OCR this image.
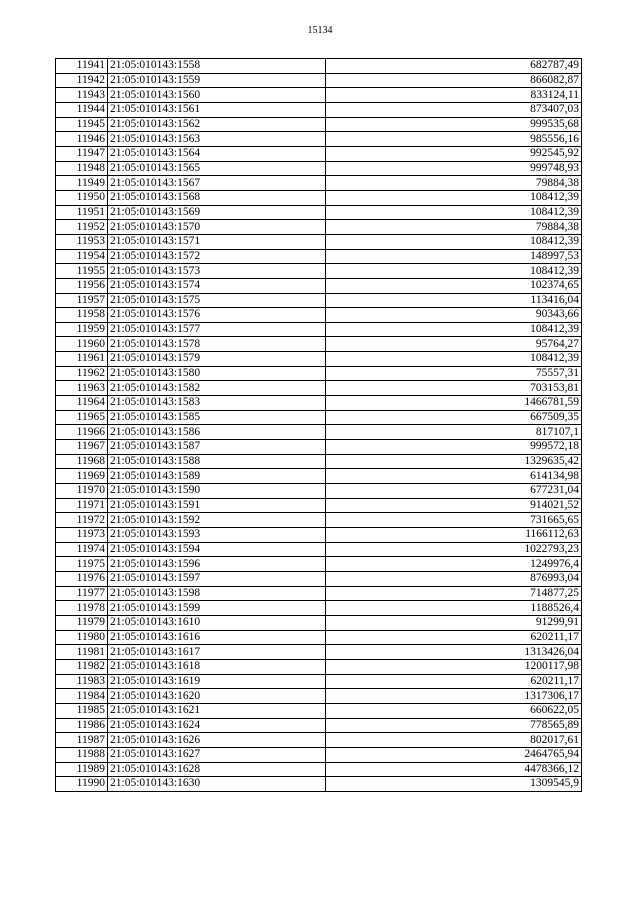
15134
11941	21:05:010143:1558	682787,49
11942	21:05:010143:1559	866082,87
11943	21:05:010143:1560	833124,11
11944	21:05:010143:1561	873407,03
11945	21:05:010143:1562	999535,68
11946	21:05:010143:1563	985556,16
11947	21:05:010143:1564	992545,92
11948	21:05:010143:1565	999748,93
11949	21:05:010143:1567	79884,38
11950	21:05:010143:1568	108412,39
11951	21:05:010143:1569	108412,39
11952	21:05:010143:1570	79884,38
11953	21:05:010143:1571	108412,39
11954	21:05:010143:1572	148997,53
11955	21:05:010143:1573	108412,39
11956	21:05:010143:1574	102374,65
11957	21:05:010143:1575	113416,04
11958	21:05:010143:1576	90343,66
11959	21:05:010143:1577	108412,39
11960	21:05:010143:1578	95764,27
11961	21:05:010143:1579	108412,39
11962	21:05:010143:1580	75557,31
11963	21:05:010143:1582	703153,81
11964	21:05:010143:1583	1466781,59
11965	21:05:010143:1585	667509,35
11966	21:05:010143:1586	817107,1
11967	21:05:010143:1587	999572,18
11968	21:05:010143:1588	1329635,42
11969	21:05:010143:1589	614134,98
11970	21:05:010143:1590	677231,04
11971	21:05:010143:1591	914021,52
11972	21:05:010143:1592	731665,65
11973	21:05:010143:1593	1166112,63
11974	21:05:010143:1594	1022793,23
11975	21:05:010143:1596	1249976,4
11976	21:05:010143:1597	876993,04
11977	21:05:010143:1598	714877,25
11978	21:05:010143:1599	1188526,4
11979	21:05:010143:1610	91299,91
11980	21:05:010143:1616	620211,17
11981	21:05:010143:1617	1313426,04
11982	21:05:010143:1618	1200117,98
11983	21:05:010143:1619	620211,17
11984	21:05:010143:1620	1317306,17
11985	21:05:010143:1621	660622,05
11986	21:05:010143:1624	778565,89
11987	21:05:010143:1626	802017,61
11988	21:05:010143:1627	2464765,94
11989	21:05:010143:1628	4478366,12
11990	21:05:010143:1630	1309545,9
